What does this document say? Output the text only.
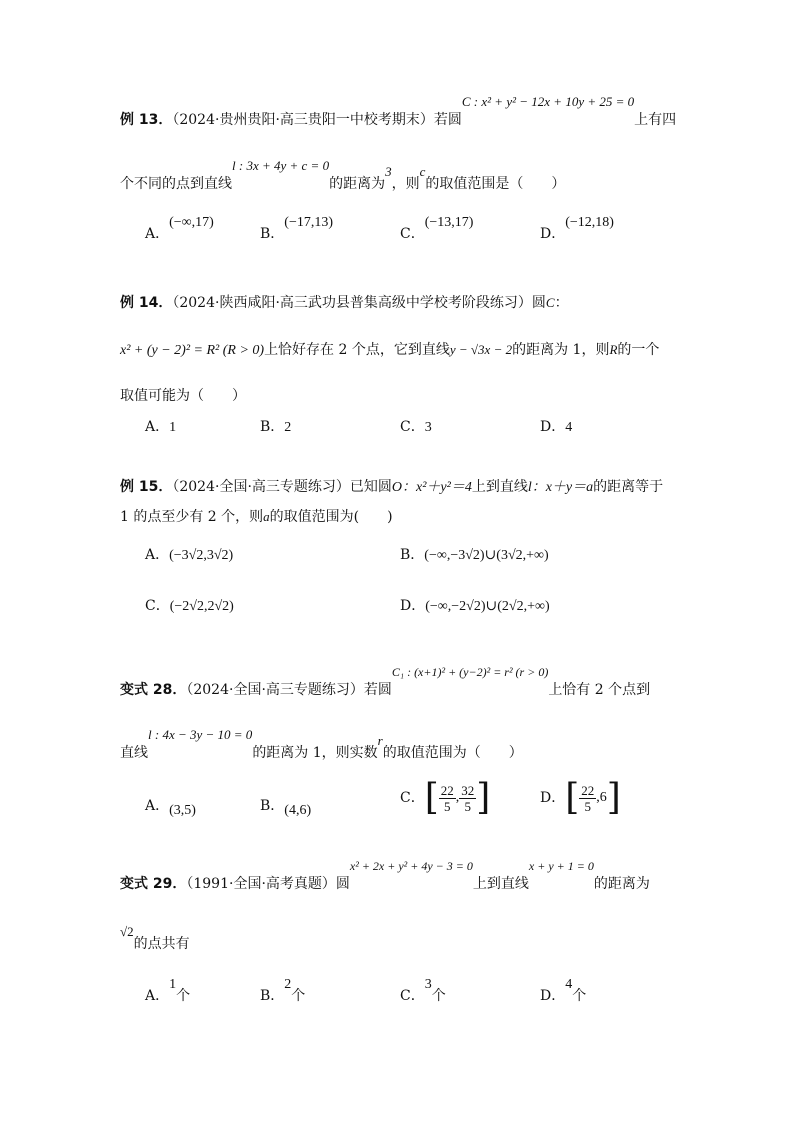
例 13．（2024·贵州贵阳·高三贵阳一中校考期末）若圆C : x² + y² − 12x + 10y + 25 = 0上有四
个不同的点到直线l : 3x + 4y + c = 0的距离为3，则c的取值范围是（　　）
A．(−∞,17)
B．(−17,13)
C．(−13,17)
D．(−12,18)
例 14．（2024·陕西咸阳·高三武功县普集高级中学校考阶段练习）圆C：
x² + (y − 2)² = R² (R > 0)上恰好存在 2 个点，它到直线y − √3x − 2的距离为 1，则R的一个
取值可能为（　　）
A．1	B．2	C．3	D．4
例 15．（2024·全国·高三专题练习）已知圆O：x²＋y²＝4上到直线l：x＋y＝a的距离等于
1 的点至少有 2 个，则a的取值范围为(　　)
A．(−3√2,3√2)	B．(−∞,−3√2)∪(3√2,+∞)
C．(−2√2,2√2)	D．(−∞,−2√2)∪(2√2,+∞)
变式 28．（2024·全国·高三专题练习）若圆C₁ : (x+1)² + (y−2)² = r² (r > 0)上恰有 2 个点到
直线l : 4x − 3y − 10 = 0的距离为 1，则实数r的取值范围为（　　）
A．(3,5)	B．(4,6)
C． [ $\frac{22}{5}$ , $\frac{32}{5}$ ]	D． [ $\frac{22}{5}$ , 6 ]
变式 29．（1991·全国·高考真题）圆x² + 2x + y² + 4y − 3 = 0上到直线x + y + 1 = 0的距离为
√2的点共有
A．1个	B．2个	C．3个	D．4个
